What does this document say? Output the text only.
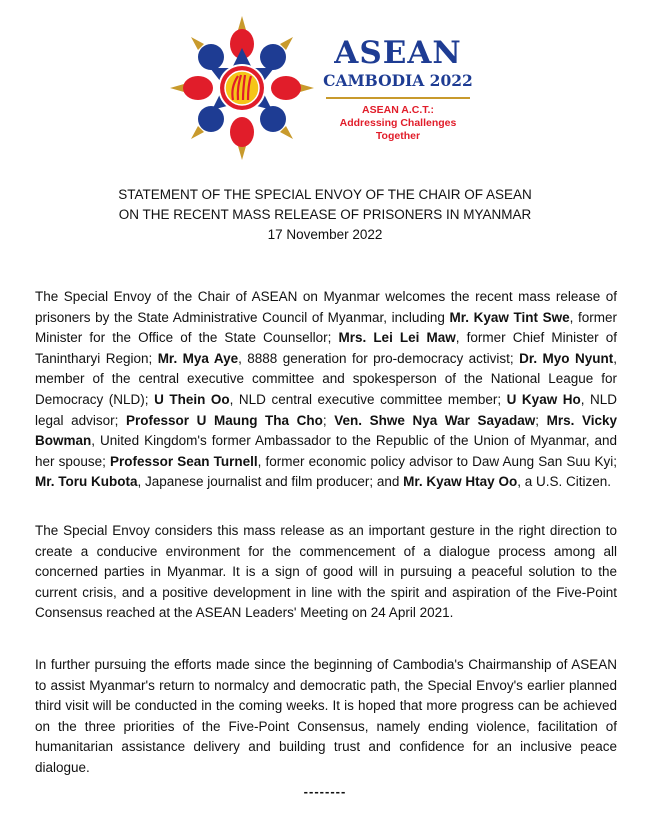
ASEAN
CAMBODIA 2022
ASEAN A.C.T.:
Addressing Challenges Together
STATEMENT OF THE SPECIAL ENVOY OF THE CHAIR OF ASEAN
ON THE RECENT MASS RELEASE OF PRISONERS IN MYANMAR
17 November 2022
The Special Envoy of the Chair of ASEAN on Myanmar welcomes the recent mass release of prisoners by the State Administrative Council of Myanmar, including Mr. Kyaw Tint Swe, former Minister for the Office of the State Counsellor; Mrs. Lei Lei Maw, former Chief Minister of Tanintharyi Region; Mr. Mya Aye, 8888 generation for pro-democracy activist; Dr. Myo Nyunt, member of the central executive committee and spokesperson of the National League for Democracy (NLD); U Thein Oo, NLD central executive committee member; U Kyaw Ho, NLD legal advisor; Professor U Maung Tha Cho; Ven. Shwe Nya War Sayadaw; Mrs. Vicky Bowman, United Kingdom's former Ambassador to the Republic of the Union of Myanmar, and her spouse; Professor Sean Turnell, former economic policy advisor to Daw Aung San Suu Kyi; Mr. Toru Kubota, Japanese journalist and film producer; and Mr. Kyaw Htay Oo, a U.S. Citizen.
The Special Envoy considers this mass release as an important gesture in the right direction to create a conducive environment for the commencement of a dialogue process among all concerned parties in Myanmar. It is a sign of good will in pursuing a peaceful solution to the current crisis, and a positive development in line with the spirit and aspiration of the Five-Point Consensus reached at the ASEAN Leaders' Meeting on 24 April 2021.
In further pursuing the efforts made since the beginning of Cambodia's Chairmanship of ASEAN to assist Myanmar's return to normalcy and democratic path, the Special Envoy's earlier planned third visit will be conducted in the coming weeks. It is hoped that more progress can be achieved on the three priorities of the Five-Point Consensus, namely ending violence, facilitation of humanitarian assistance delivery and building trust and confidence for an inclusive peace dialogue.
--------
